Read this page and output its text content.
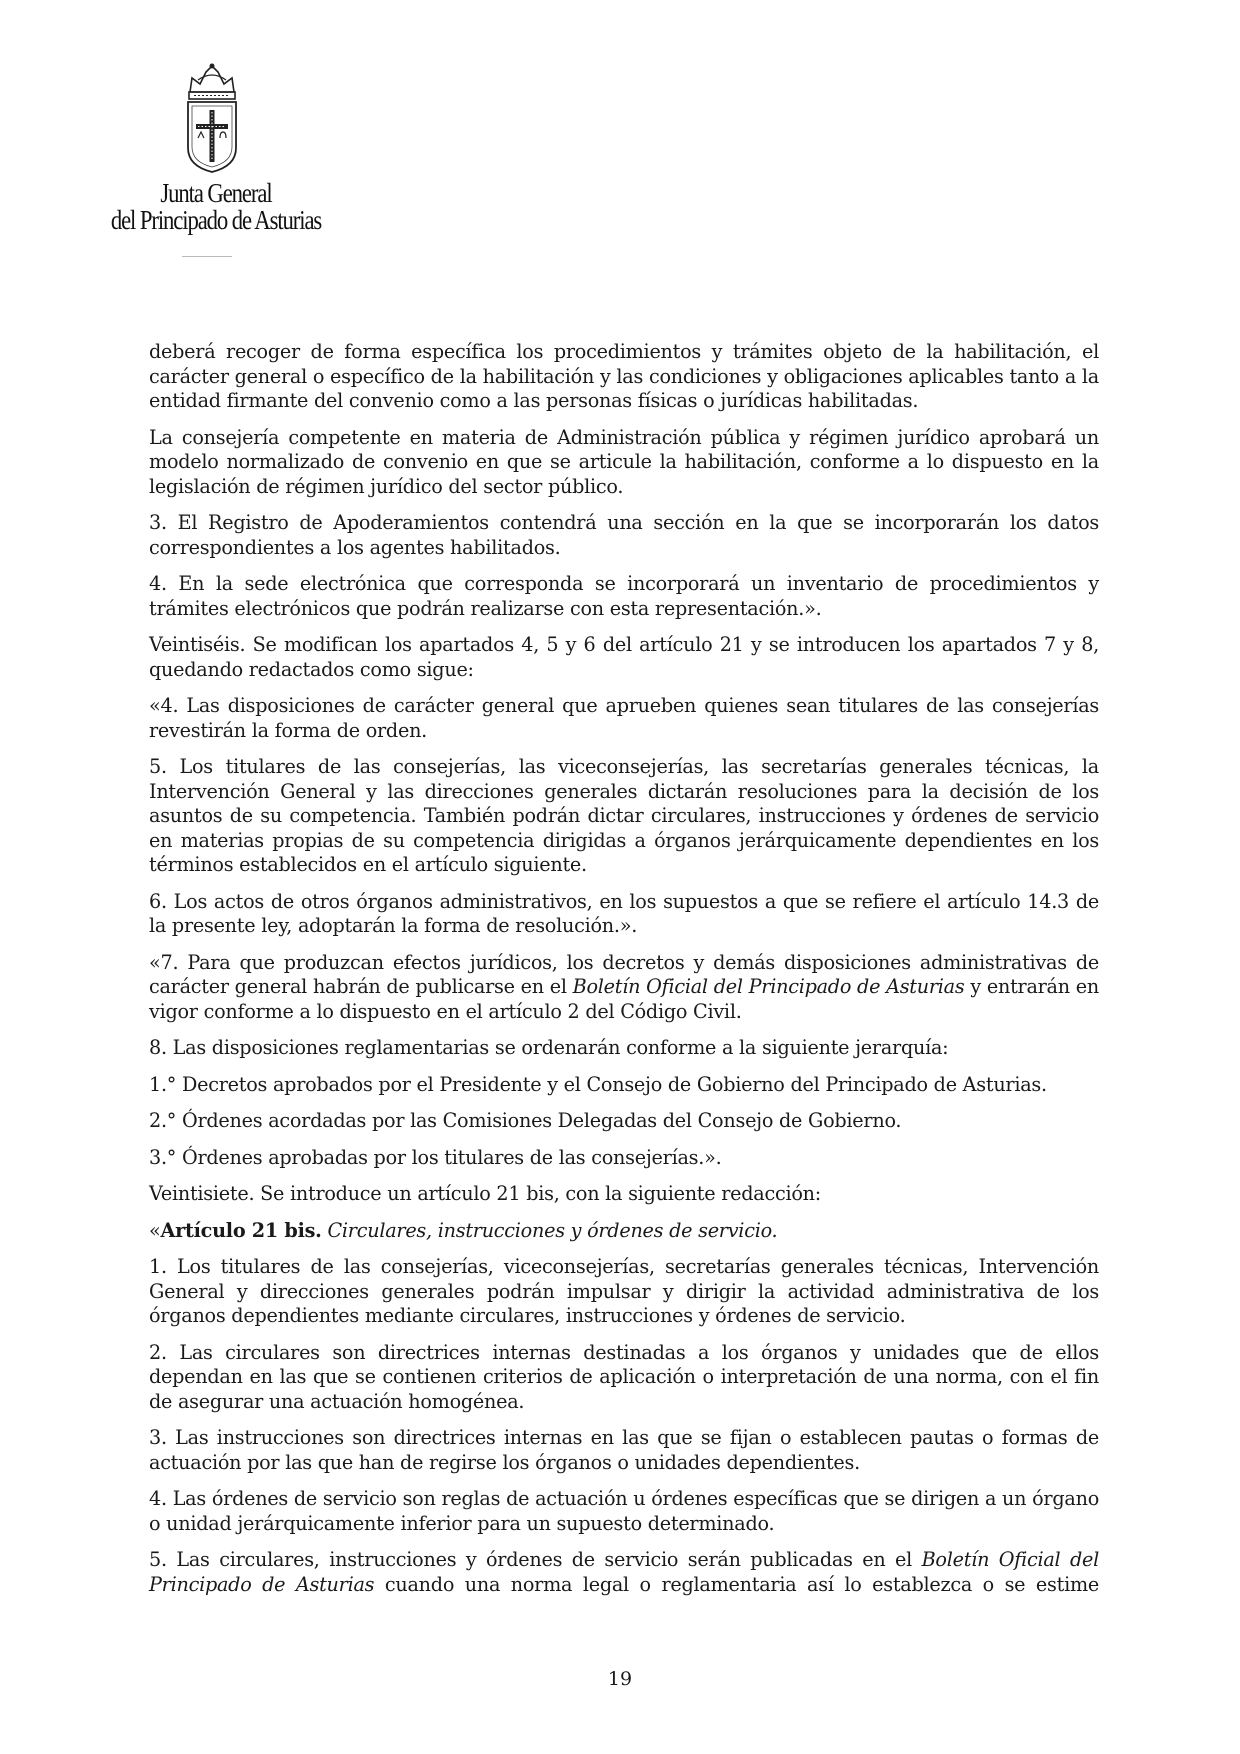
Junta General
del Principado de Asturias

deberá recoger de forma específica los procedimientos y trámites objeto de la habilitación, el carácter general o específico de la habilitación y las condiciones y obligaciones aplicables tanto a la entidad firmante del convenio como a las personas físicas o jurídicas habilitadas.

La consejería competente en materia de Administración pública y régimen jurídico aprobará un modelo normalizado de convenio en que se articule la habilitación, conforme a lo dispuesto en la legislación de régimen jurídico del sector público.

3. El Registro de Apoderamientos contendrá una sección en la que se incorporarán los datos correspondientes a los agentes habilitados.

4. En la sede electrónica que corresponda se incorporará un inventario de procedimientos y trámites electrónicos que podrán realizarse con esta representación.».

Veintiséis. Se modifican los apartados 4, 5 y 6 del artículo 21 y se introducen los apartados 7 y 8, quedando redactados como sigue:

«4. Las disposiciones de carácter general que aprueben quienes sean titulares de las consejerías revestirán la forma de orden.

5. Los titulares de las consejerías, las viceconsejerías, las secretarías generales técnicas, la Intervención General y las direcciones generales dictarán resoluciones para la decisión de los asuntos de su competencia. También podrán dictar circulares, instrucciones y órdenes de servicio en materias propias de su competencia dirigidas a órganos jerárquicamente dependientes en los términos establecidos en el artículo siguiente.

6. Los actos de otros órganos administrativos, en los supuestos a que se refiere el artículo 14.3 de la presente ley, adoptarán la forma de resolución.».

«7. Para que produzcan efectos jurídicos, los decretos y demás disposiciones administrativas de carácter general habrán de publicarse en el Boletín Oficial del Principado de Asturias y entrarán en vigor conforme a lo dispuesto en el artículo 2 del Código Civil.

8. Las disposiciones reglamentarias se ordenarán conforme a la siguiente jerarquía:

1.° Decretos aprobados por el Presidente y el Consejo de Gobierno del Principado de Asturias.

2.° Órdenes acordadas por las Comisiones Delegadas del Consejo de Gobierno.

3.° Órdenes aprobadas por los titulares de las consejerías.».

Veintisiete. Se introduce un artículo 21 bis, con la siguiente redacción:

«Artículo 21 bis. Circulares, instrucciones y órdenes de servicio.

1. Los titulares de las consejerías, viceconsejerías, secretarías generales técnicas, Intervención General y direcciones generales podrán impulsar y dirigir la actividad administrativa de los órganos dependientes mediante circulares, instrucciones y órdenes de servicio.

2. Las circulares son directrices internas destinadas a los órganos y unidades que de ellos dependan en las que se contienen criterios de aplicación o interpretación de una norma, con el fin de asegurar una actuación homogénea.

3. Las instrucciones son directrices internas en las que se fijan o establecen pautas o formas de actuación por las que han de regirse los órganos o unidades dependientes.

4. Las órdenes de servicio son reglas de actuación u órdenes específicas que se dirigen a un órgano o unidad jerárquicamente inferior para un supuesto determinado.

5. Las circulares, instrucciones y órdenes de servicio serán publicadas en el Boletín Oficial del Principado de Asturias cuando una norma legal o reglamentaria así lo establezca o se estime

19
